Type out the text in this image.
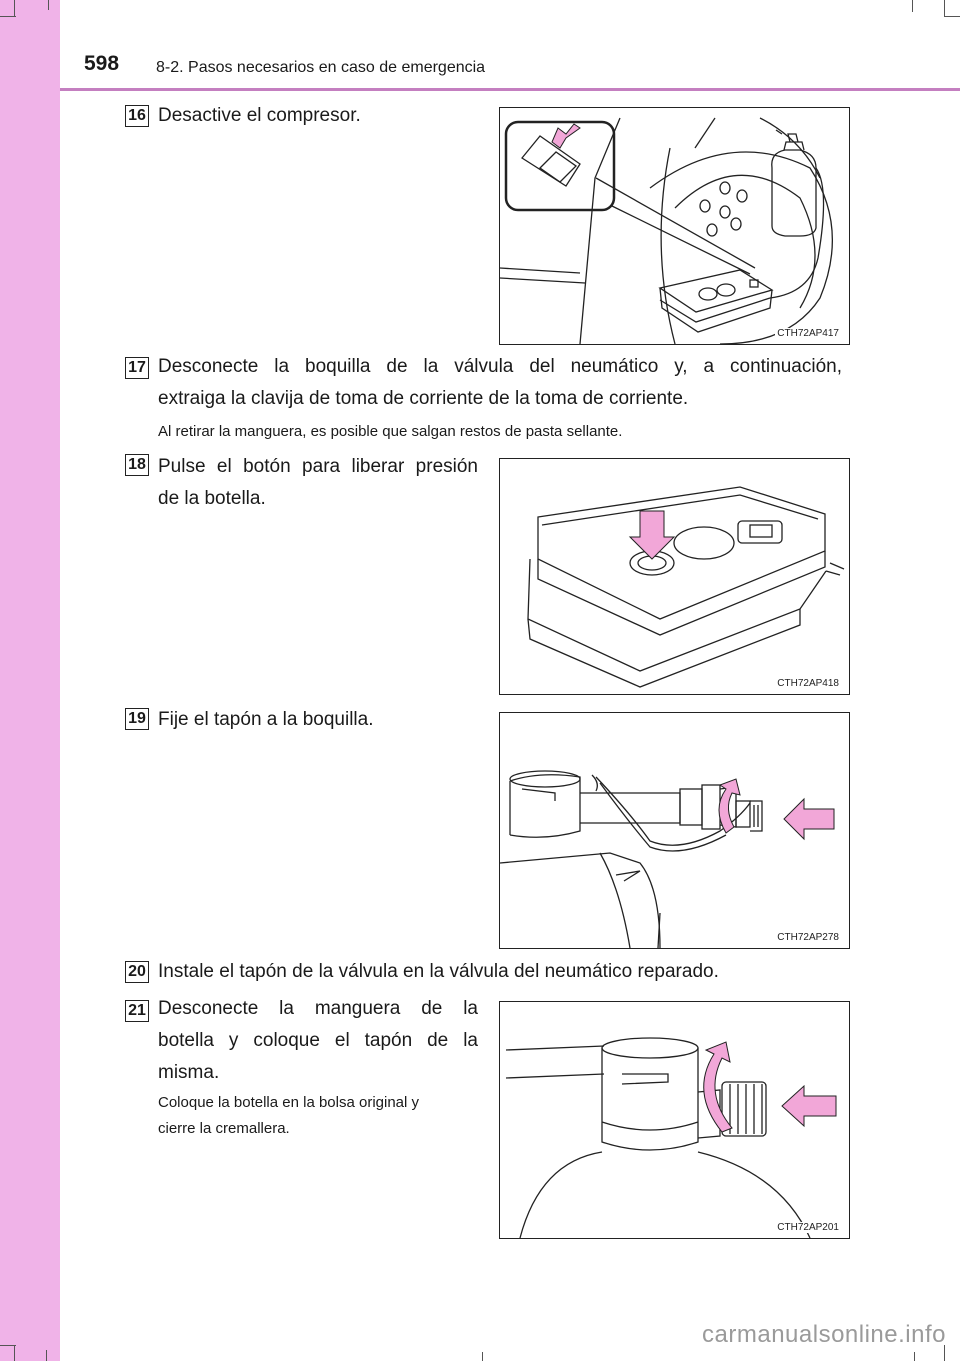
598 8-2. Pasos necesarios en caso de emergencia
16 Desactive el compresor.
CTH72AP417
17 Desconecte la boquilla de la válvula del neumático y, a continuación,
extraiga la clavija de toma de corriente de la toma de corriente.
Al retirar la manguera, es posible que salgan restos de pasta sellante.
18 Pulse el botón para liberar presión
de la botella.
CTH72AP418
19 Fije el tapón a la boquilla.
CTH72AP278
20 Instale el tapón de la válvula en la válvula del neumático reparado.
21 Desconecte la manguera de la
botella y coloque el tapón de la
misma.
Coloque la botella en la bolsa original y
cierre la cremallera.
CTH72AP201
carmanualsonline.info
